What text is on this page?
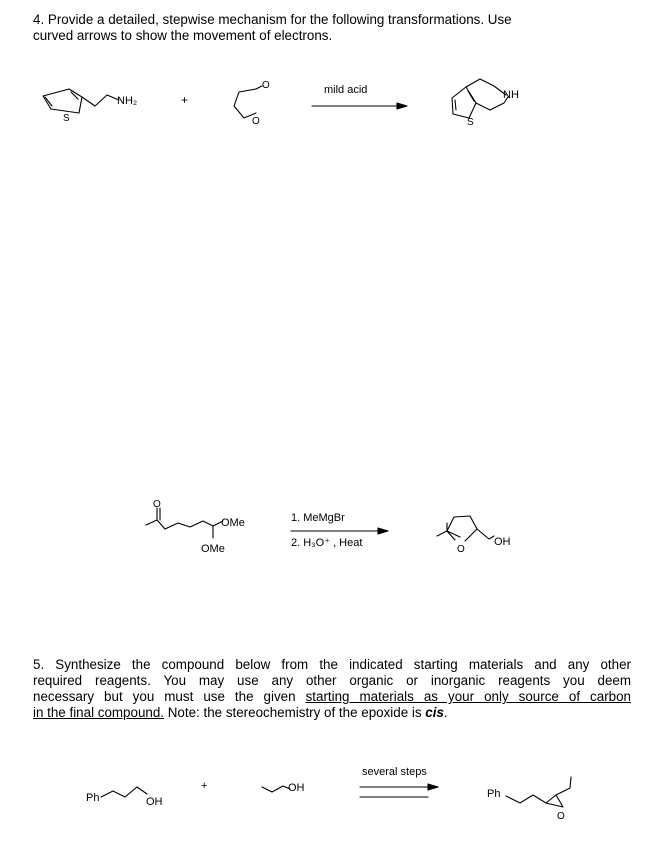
4. Provide a detailed, stepwise mechanism for the following transformations. Use
curved arrows to show the movement of electrons.

5. Synthesize the compound below from the indicated starting materials and any other
required reagents. You may use any other organic or inorganic reagents you deem
necessary but you must use the given starting materials as your only source of carbon
in the final compound. Note: the stereochemistry of the epoxide is cis.

S
NH₂	+
O
O
mild acid
S
NH
O
OMe
OMe
1. MeMgBr
2. H₃O⁺ , Heat
O
OH
Ph	OH
+	OH
several steps
Ph
O
